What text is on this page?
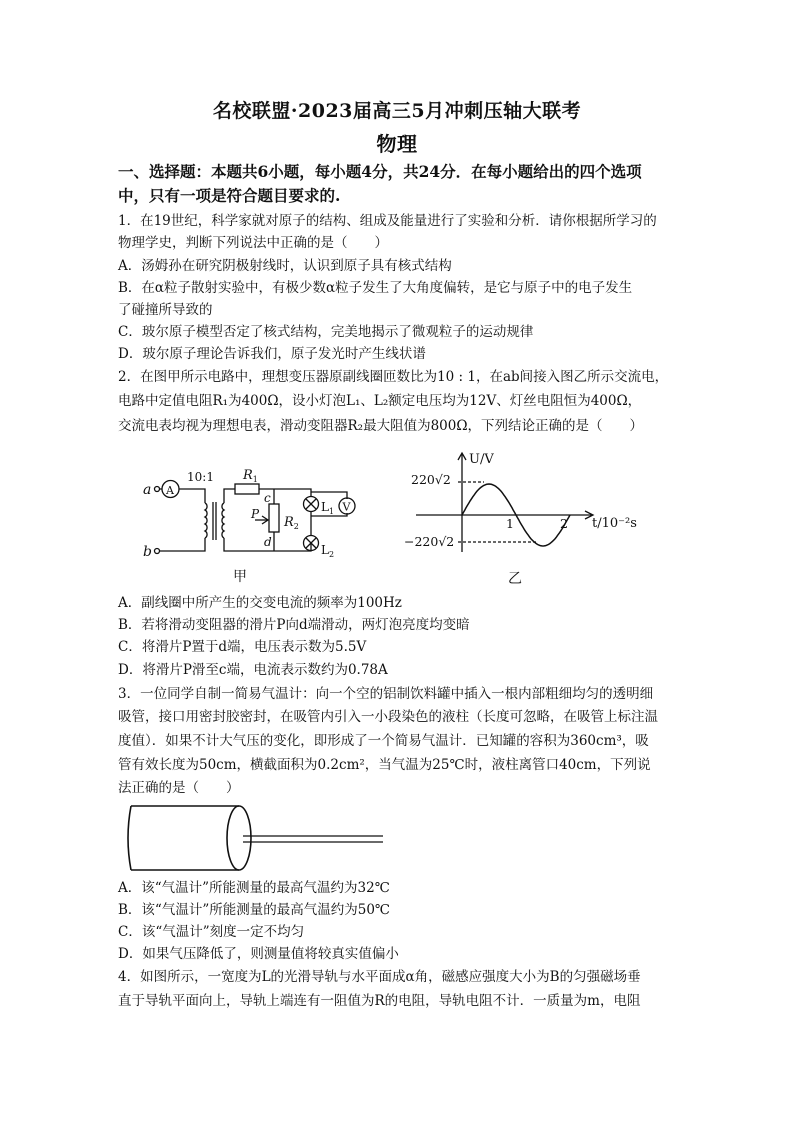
名校联盟·2023届高三5月冲刺压轴大联考
物理
一、选择题：本题共6小题，每小题4分，共24分．在每小题给出的四个选项
中，只有一项是符合题目要求的.
1．在19世纪，科学家就对原子的结构、组成及能量进行了实验和分析．请你根据所学习的
物理学史，判断下列说法中正确的是（　　）
A．汤姆孙在研究阴极射线时，认识到原子具有核式结构
B．在α粒子散射实验中，有极少数α粒子发生了大角度偏转，是它与原子中的电子发生
了碰撞所导致的
C．玻尔原子模型否定了核式结构，完美地揭示了微观粒子的运动规律
D．玻尔原子理论告诉我们，原子发光时产生线状谱
2．在图甲所示电路中，理想变压器原副线圈匝数比为10 : 1，在ab间接入图乙所示交流电，
电路中定值电阻R₁为400Ω，设小灯泡L₁、L₂额定电压均为12V、灯丝电阻恒为400Ω，
交流电表均视为理想电表，滑动变阻器R₂最大阻值为800Ω，下列结论正确的是（　　）
a
b
A
10:1 $R_1$
c
$R_2$
d
P	$L_1$
$L_2$
V
甲
U/V
t/10⁻²s
220√2
−220√2
1	2
乙
A．副线圈中所产生的交变电流的频率为100Hz
B．若将滑动变阻器的滑片P向d端滑动，两灯泡亮度均变暗
C．将滑片P置于d端，电压表示数为5.5V
D．将滑片P滑至c端，电流表示数约为0.78A
3．一位同学自制一简易气温计：向一个空的铝制饮料罐中插入一根内部粗细均匀的透明细
吸管，接口用密封胶密封，在吸管内引入一小段染色的液柱（长度可忽略，在吸管上标注温
度值）．如果不计大气压的变化，即形成了一个简易气温计．已知罐的容积为360cm³，吸
管有效长度为50cm，横截面积为0.2cm²，当气温为25℃时，液柱离管口40cm，下列说
法正确的是（　　）
A．该“气温计”所能测量的最高气温约为32℃
B．该“气温计”所能测量的最高气温约为50℃
C．该“气温计”刻度一定不均匀
D．如果气压降低了，则测量值将较真实值偏小
4．如图所示，一宽度为L的光滑导轨与水平面成α角，磁感应强度大小为B的匀强磁场垂
直于导轨平面向上，导轨上端连有一阻值为R的电阻，导轨电阻不计．一质量为m，电阻
